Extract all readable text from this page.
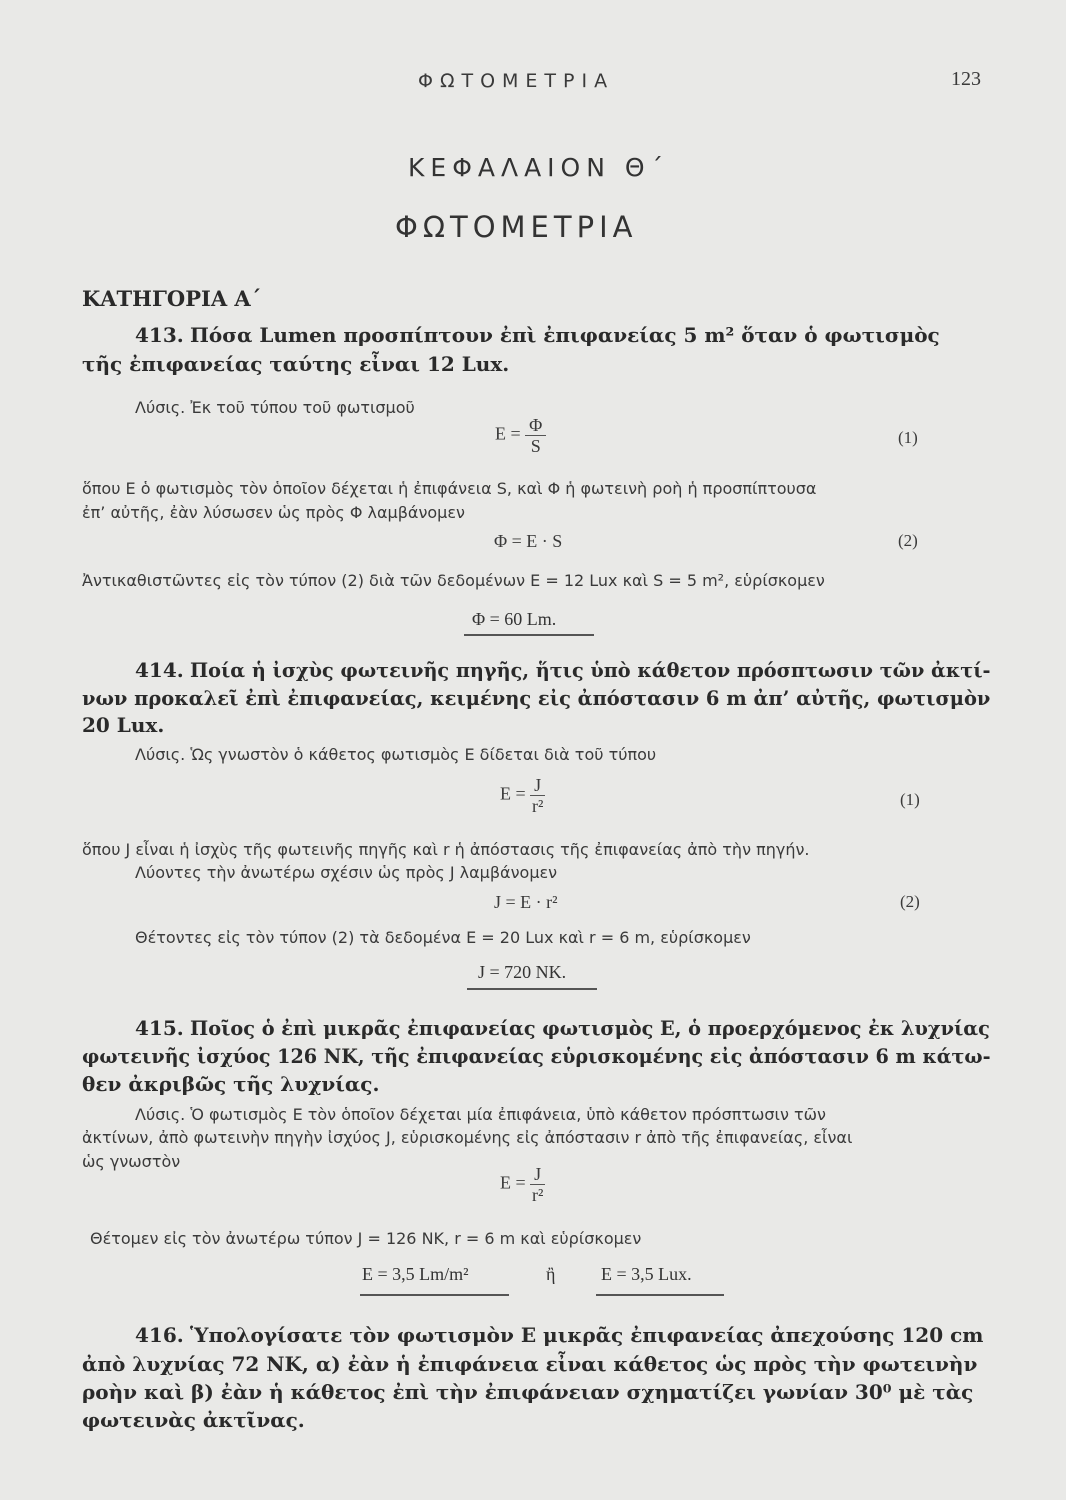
ΦΩΤΟΜΕΤΡΙΑ	123
ΚΕΦΑΛΑΙΟΝ Θ΄
ΦΩΤΟΜΕΤΡΙΑ
ΚΑΤΗΓΟΡΙΑ Α΄
413. Πόσα Lumen προσπίπτουν ἐπὶ ἐπιφανείας 5 m² ὅταν ὁ φωτισμὸς
τῆς ἐπιφανείας ταύτης εἶναι 12 Lux.
Λύσις. Ἐκ τοῦ τύπου τοῦ φωτισμοῦ
$E = \frac{\Phi}{S}$	(1)
ὅπου Ε ὁ φωτισμὸς τὸν ὁποῖον δέχεται ἡ ἐπιφάνεια S, καὶ Φ ἡ φωτεινὴ ροὴ ἡ προσπίπτουσα
ἐπ’ αὐτῆς, ἐὰν λύσωσεν ὡς πρὸς Φ λαμβάνομεν
Φ = E · S	(2)
Ἀντικαθιστῶντες εἰς τὸν τύπον (2) διὰ τῶν δεδομένων Ε = 12 Lux καὶ S = 5 m², εὑρίσκομεν
Φ = 60 Lm.
414. Ποία ἡ ἰσχὺς φωτεινῆς πηγῆς, ἥτις ὑπὸ κάθετον πρόσπτωσιν τῶν ἀκτί-
νων προκαλεῖ ἐπὶ ἐπιφανείας, κειμένης εἰς ἀπόστασιν 6 m ἀπ’ αὐτῆς, φωτισμὸν
20 Lux.
Λύσις. Ὡς γνωστὸν ὁ κάθετος φωτισμὸς Ε δίδεται διὰ τοῦ τύπου
$E = \frac{J}{\text{r²}}$	(1)
ὅπου J εἶναι ἡ ἰσχὺς τῆς φωτεινῆς πηγῆς καὶ r ἡ ἀπόστασις τῆς ἐπιφανείας ἀπὸ τὴν πηγήν.
Λύοντες τὴν ἀνωτέρω σχέσιν ὡς πρὸς J λαμβάνομεν
J = E · r²	(2)
Θέτοντες εἰς τὸν τύπον (2) τὰ δεδομένα Ε = 20 Lux καὶ r = 6 m, εὑρίσκομεν
J = 720 NK.
415. Ποῖος ὁ ἐπὶ μικρᾶς ἐπιφανείας φωτισμὸς Ε, ὁ προερχόμενος ἐκ λυχνίας
φωτεινῆς ἰσχύος 126 ΝΚ, τῆς ἐπιφανείας εὑρισκομένης εἰς ἀπόστασιν 6 m κάτω-
θεν ἀκριβῶς τῆς λυχνίας.
Λύσις. Ὁ φωτισμὸς Ε τὸν ὁποῖον δέχεται μία ἐπιφάνεια, ὑπὸ κάθετον πρόσπτωσιν τῶν
ἀκτίνων, ἀπὸ φωτεινὴν πηγὴν ἰσχύος J, εὑρισκομένης εἰς ἀπόστασιν r ἀπὸ τῆς ἐπιφανείας, εἶναι
ὡς γνωστὸν
$E = \frac{J}{\text{r²}}$
Θέτομεν εἰς τὸν ἀνωτέρω τύπον J = 126 NK, r = 6 m καὶ εὑρίσκομεν
E = 3,5 Lm/m²	ἢ	E = 3,5 Lux.
416. Ὑπολογίσατε τὸν φωτισμὸν Ε μικρᾶς ἐπιφανείας ἀπεχούσης 120 cm
ἀπὸ λυχνίας 72 ΝΚ, α) ἐὰν ἡ ἐπιφάνεια εἶναι κάθετος ὡς πρὸς τὴν φωτεινὴν
ροὴν καὶ β) ἐὰν ἡ κάθετος ἐπὶ τὴν ἐπιφάνειαν σχηματίζει γωνίαν 30⁰ μὲ τὰς
φωτεινὰς ἀκτῖνας.
